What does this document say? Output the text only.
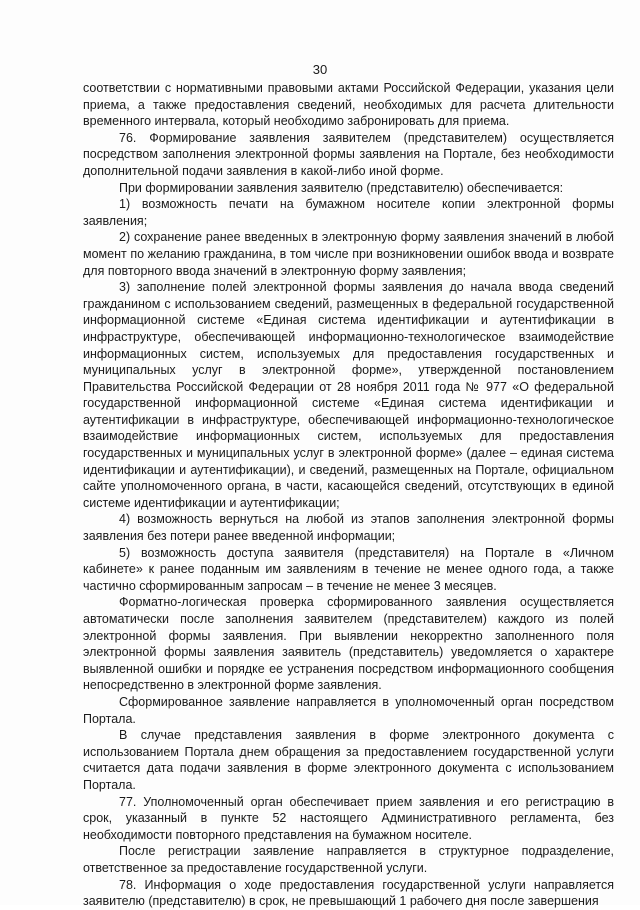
30

соответствии с нормативными правовыми актами Российской Федерации, указания цели приема, а также предоставления сведений, необходимых для расчета длительности временного интервала, который необходимо забронировать для приема.

76. Формирование заявления заявителем (представителем) осуществляется посредством заполнения электронной формы заявления на Портале, без необходимости дополнительной подачи заявления в какой-либо иной форме.

При формировании заявления заявителю (представителю) обеспечивается:

1) возможность печати на бумажном носителе копии электронной формы заявления;

2) сохранение ранее введенных в электронную форму заявления значений в любой момент по желанию гражданина, в том числе при возникновении ошибок ввода и возврате для повторного ввода значений в электронную форму заявления;

3) заполнение полей электронной формы заявления до начала ввода сведений гражданином с использованием сведений, размещенных в федеральной государственной информационной системе «Единая система идентификации и аутентификации в инфраструктуре, обеспечивающей информационно-технологическое взаимодействие информационных систем, используемых для предоставления государственных и муниципальных услуг в электронной форме», утвержденной постановлением Правительства Российской Федерации от 28 ноября 2011 года № 977 «О федеральной государственной информационной системе «Единая система идентификации и аутентификации в инфраструктуре, обеспечивающей информационно-технологическое взаимодействие информационных систем, используемых для предоставления государственных и муниципальных услуг в электронной форме» (далее – единая система идентификации и аутентификации), и сведений, размещенных на Портале, официальном сайте уполномоченного органа, в части, касающейся сведений, отсутствующих в единой системе идентификации и аутентификации;

4) возможность вернуться на любой из этапов заполнения электронной формы заявления без потери ранее введенной информации;

5) возможность доступа заявителя (представителя) на Портале в «Личном кабинете» к ранее поданным им заявлениям в течение не менее одного года, а также частично сформированным запросам – в течение не менее 3 месяцев.

Форматно-логическая проверка сформированного заявления осуществляется автоматически после заполнения заявителем (представителем) каждого из полей электронной формы заявления. При выявлении некорректно заполненного поля электронной формы заявления заявитель (представитель) уведомляется о характере выявленной ошибки и порядке ее устранения посредством информационного сообщения непосредственно в электронной форме заявления.

Сформированное заявление направляется в уполномоченный орган посредством Портала.

В случае представления заявления в форме электронного документа с использованием Портала днем обращения за предоставлением государственной услуги считается дата подачи заявления в форме электронного документа с использованием Портала.

77. Уполномоченный орган обеспечивает прием заявления и его регистрацию в срок, указанный в пункте 52 настоящего Административного регламента, без необходимости повторного представления на бумажном носителе.

После регистрации заявление направляется в структурное подразделение, ответственное за предоставление государственной услуги.

78. Информация о ходе предоставления государственной услуги направляется заявителю (представителю) в срок, не превышающий 1 рабочего дня после завершения
